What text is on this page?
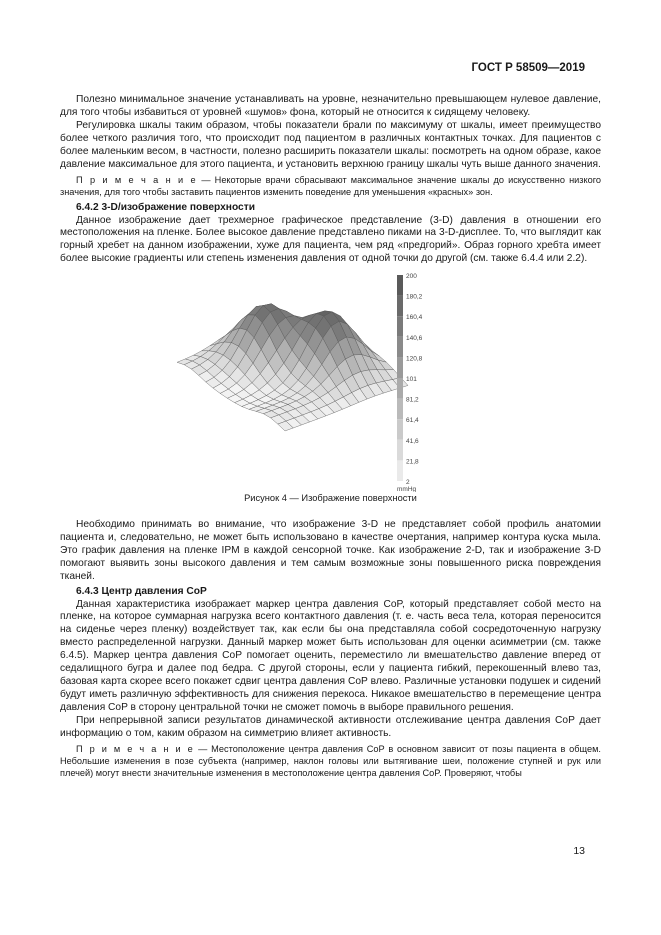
ГОСТ Р 58509—2019

Полезно минимальное значение устанавливать на уровне, незначительно превышающем нулевое давление, для того чтобы избавиться от уровней «шумов» фона, который не относится к сидящему человеку.

Регулировка шкалы таким образом, чтобы показатели брали по максимуму от шкалы, имеет преимущество более четкого различия того, что происходит под пациентом в различных контактных точках. Для пациентов с более маленьким весом, в частности, полезно расширить показатели шкалы: посмотреть на одном образе, какое давление максимальное для этого пациента, и установить верхнюю границу шкалы чуть выше данного значения.

П р и м е ч а н и е — Некоторые врачи сбрасывают максимальное значение шкалы до искусственно низкого значения, для того чтобы заставить пациентов изменить поведение для уменьшения «красных» зон.

6.4.2 3-D/изображение поверхности

Данное изображение дает трехмерное графическое представление (3-D) давления в отношении его местоположения на пленке. Более высокое давление представлено пиками на 3-D-дисплее. То, что выглядит как горный хребет на данном изображении, хуже для пациента, чем ряд «предгорий». Образ горного хребта имеет более высокие градиенты или степень изменения давления от одной точки до другой (см. также 6.4.4 или 2.2).

200
180,2
160,4
140,6
120,8
101
81,2
61,4
41,6
21,8
2
mmHg

Рисунок 4 — Изображение поверхности

Необходимо принимать во внимание, что изображение 3-D не представляет собой профиль анатомии пациента и, следовательно, не может быть использовано в качестве очертания, например контура куска мыла. Это график давления на пленке IPM в каждой сенсорной точке. Как изображение 2-D, так и изображение 3-D помогают выявить зоны высокого давления и тем самым возможные зоны повышенного риска повреждения тканей.

6.4.3 Центр давления CoP

Данная характеристика изображает маркер центра давления CoP, который представляет собой место на пленке, на которое суммарная нагрузка всего контактного давления (т. е. часть веса тела, которая переносится на сиденье через пленку) воздействует так, как если бы она представляла собой сосредоточенную нагрузку вместо распределенной нагрузки. Данный маркер может быть использован для оценки асимметрии (см. также 6.4.5). Маркер центра давления CoP помогает оценить, переместило ли вмешательство давление вперед от седалищного бугра и далее под бедра. С другой стороны, если у пациента гибкий, перекошенный влево таз, базовая карта скорее всего покажет сдвиг центра давления CoP влево. Различные установки подушек и сидений будут иметь различную эффективность для снижения перекоса. Никакое вмешательство в перемещение центра давления CoP в сторону центральной точки не сможет помочь в выборе правильного решения.

При непрерывной записи результатов динамической активности отслеживание центра давления CoP дает информацию о том, каким образом на симметрию влияет активность.

П р и м е ч а н и е — Местоположение центра давления CoP в основном зависит от позы пациента в общем. Небольшие изменения в позе субъекта (например, наклон головы или вытягивание шеи, положение ступней и рук или плечей) могут внести значительные изменения в местоположение центра давления CoP. Проверяют, чтобы

13
